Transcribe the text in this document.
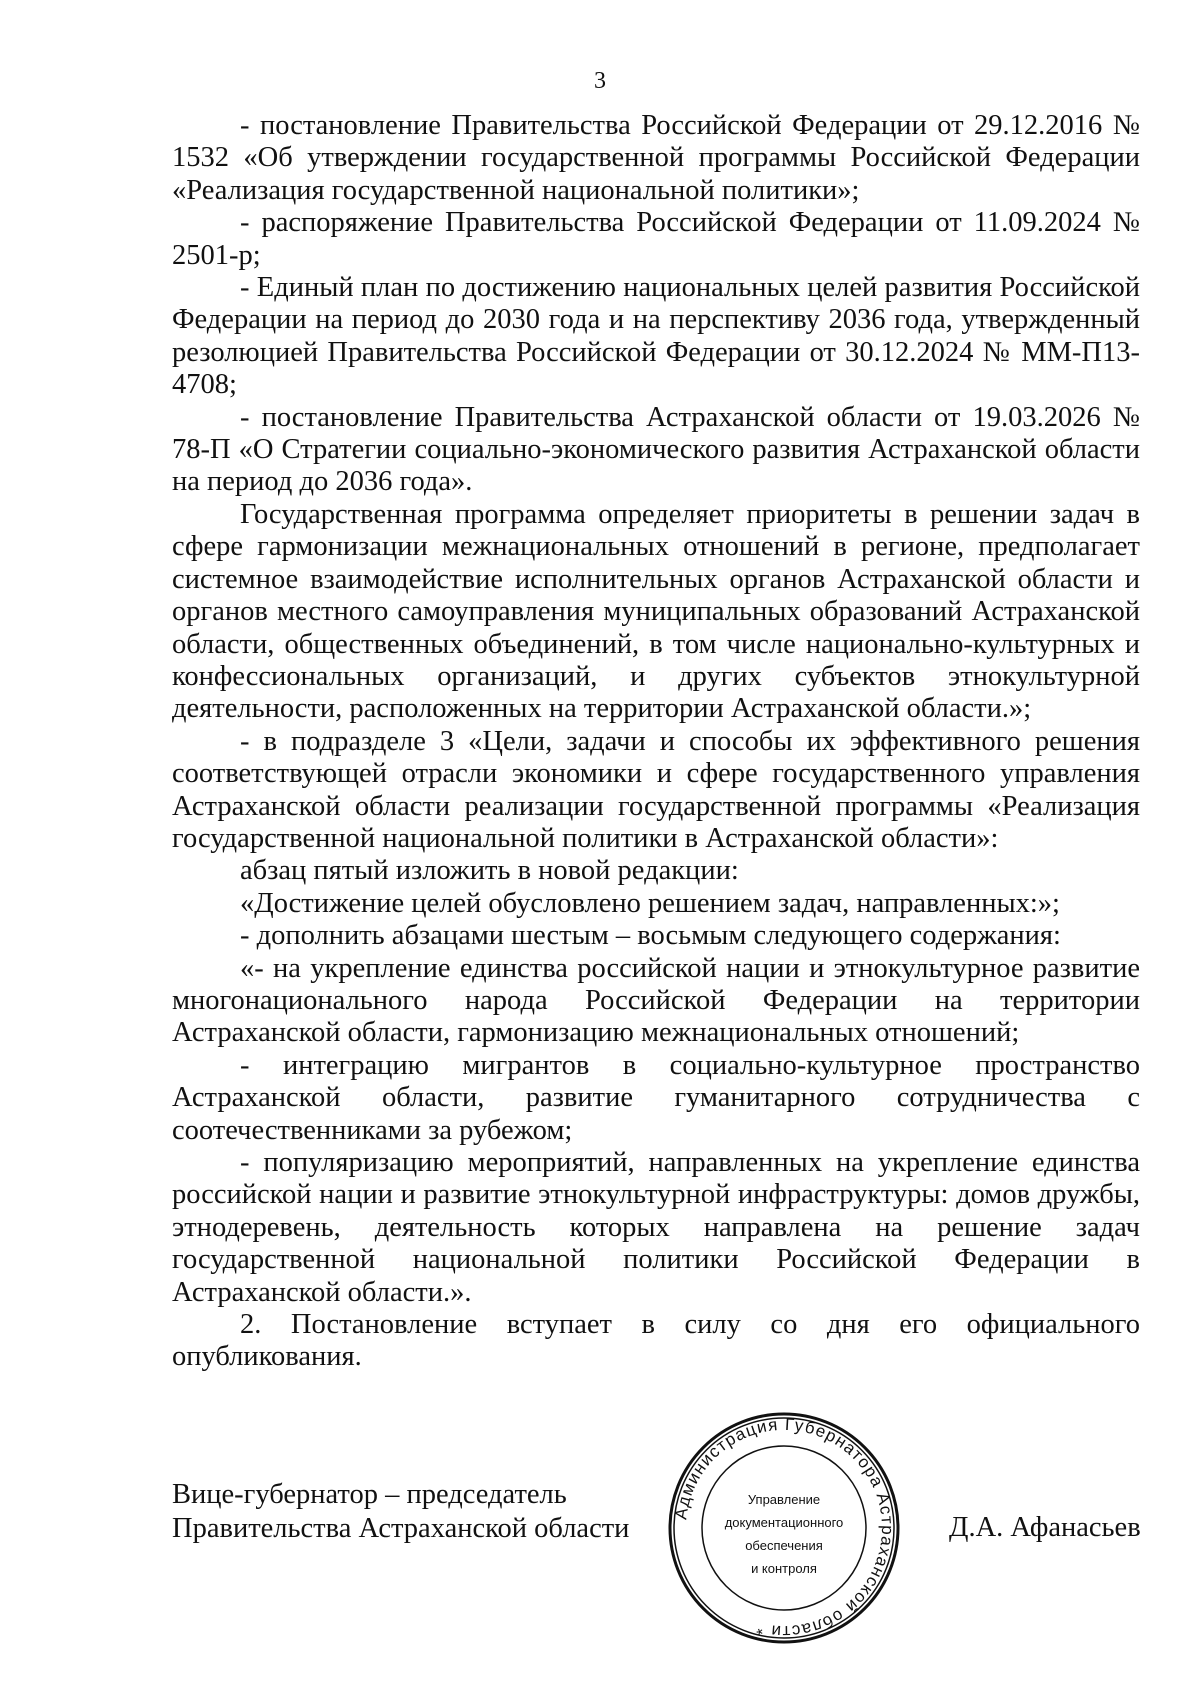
3

- постановление Правительства Российской Федерации от 29.12.2016 № 1532 «Об утверждении государственной программы Российской Федерации «Реализация государственной национальной политики»;

- распоряжение Правительства Российской Федерации от 11.09.2024 № 2501-р;

- Единый план по достижению национальных целей развития Российской Федерации на период до 2030 года и на перспективу 2036 года, утвержденный резолюцией Правительства Российской Федерации от 30.12.2024 № ММ-П13-4708;

- постановление Правительства Астраханской области от 19.03.2026 № 78-П «О Стратегии социально-экономического развития Астраханской области на период до 2036 года».

Государственная программа определяет приоритеты в решении задач в сфере гармонизации межнациональных отношений в регионе, предполагает системное взаимодействие исполнительных органов Астраханской области и органов местного самоуправления муниципальных образований Астраханской области, общественных объединений, в том числе национально-культурных и конфессиональных организаций, и других субъектов этнокультурной деятельности, расположенных на территории Астраханской области.»;

- в подразделе 3 «Цели, задачи и способы их эффективного решения соответствующей отрасли экономики и сфере государственного управления Астраханской области реализации государственной программы «Реализация государственной национальной политики в Астраханской области»:

абзац пятый изложить в новой редакции:

«Достижение целей обусловлено решением задач, направленных:»;

- дополнить абзацами шестым – восьмым следующего содержания:

«- на укрепление единства российской нации и этнокультурное развитие многонационального народа Российской Федерации на территории Астраханской области, гармонизацию межнациональных отношений;

- интеграцию мигрантов в социально-культурное пространство Астраханской области, развитие гуманитарного сотрудничества с соотечественниками за рубежом;

- популяризацию мероприятий, направленных на укрепление единства российской нации и развитие этнокультурной инфраструктуры: домов дружбы, этнодеревень, деятельность которых направлена на решение задач государственной национальной политики Российской Федерации в Астраханской области.».

2. Постановление вступает в силу со дня его официального опубликования.

Вице-губернатор – председатель
Правительства Астраханской области	Д.А. Афанасьев
Администрация Губернатора Астраханской области *
Управление
документационного
обеспечения
и контроля
